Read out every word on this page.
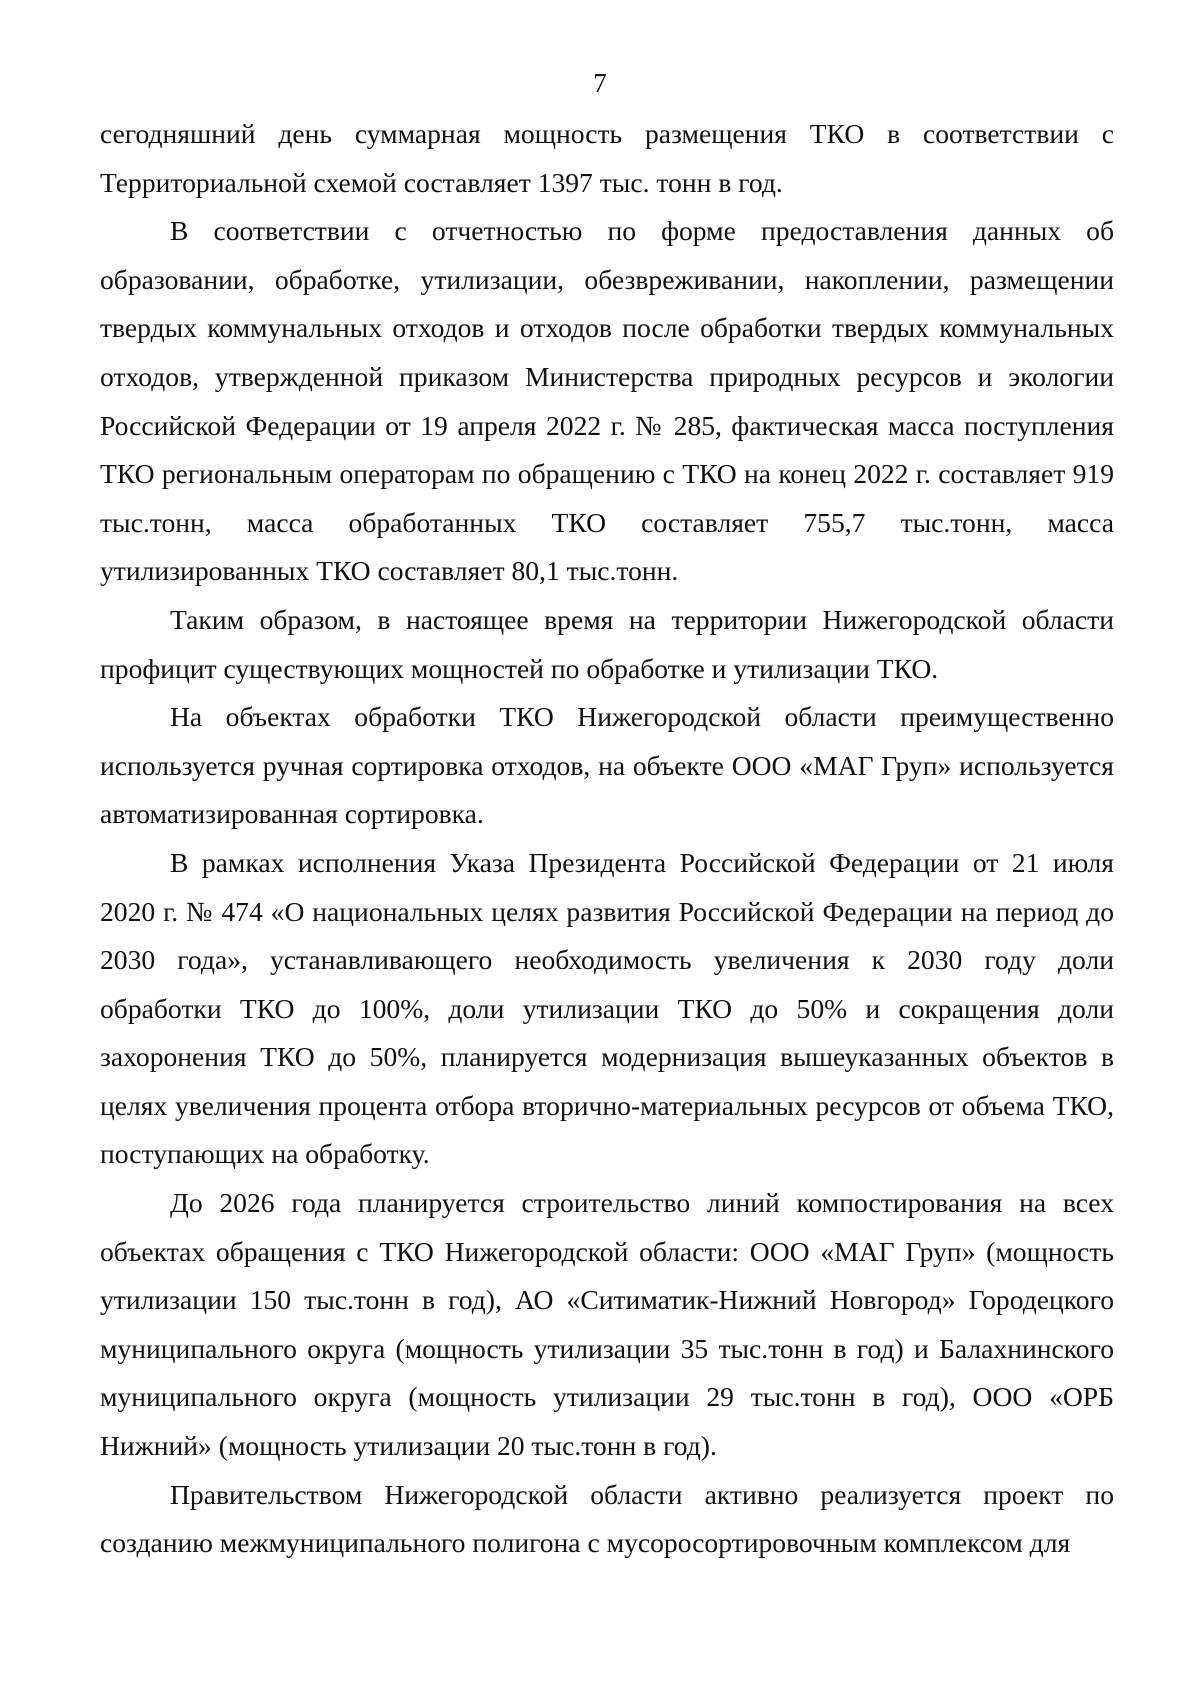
7

сегодняшний день суммарная мощность размещения ТКО в соответствии с Территориальной схемой составляет 1397 тыс. тонн в год.

В соответствии с отчетностью по форме предоставления данных об образовании, обработке, утилизации, обезвреживании, накоплении, размещении твердых коммунальных отходов и отходов после обработки твердых коммунальных отходов, утвержденной приказом Министерства природных ресурсов и экологии Российской Федерации от 19 апреля 2022 г. № 285, фактическая масса поступления ТКО региональным операторам по обращению с ТКО на конец 2022 г. составляет 919 тыс.тонн, масса обработанных ТКО составляет 755,7 тыс.тонн, масса утилизированных ТКО составляет 80,1 тыс.тонн.

Таким образом, в настоящее время на территории Нижегородской области профицит существующих мощностей по обработке и утилизации ТКО.

На объектах обработки ТКО Нижегородской области преимущественно используется ручная сортировка отходов, на объекте ООО «МАГ Груп» используется автоматизированная сортировка.

В рамках исполнения Указа Президента Российской Федерации от 21 июля 2020 г. № 474 «О национальных целях развития Российской Федерации на период до 2030 года», устанавливающего необходимость увеличения к 2030 году доли обработки ТКО до 100%, доли утилизации ТКО до 50% и сокращения доли захоронения ТКО до 50%, планируется модернизация вышеуказанных объектов в целях увеличения процента отбора вторично-материальных ресурсов от объема ТКО, поступающих на обработку.

До 2026 года планируется строительство линий компостирования на всех объектах обращения с ТКО Нижегородской области: ООО «МАГ Груп» (мощность утилизации 150 тыс.тонн в год), АО «Ситиматик-Нижний Новгород» Городецкого муниципального округа (мощность утилизации 35 тыс.тонн в год) и Балахнинского муниципального округа (мощность утилизации 29 тыс.тонн в год), ООО «ОРБ Нижний» (мощность утилизации 20 тыс.тонн в год).

Правительством Нижегородской области активно реализуется проект по созданию межмуниципального полигона с мусоросортировочным комплексом для
